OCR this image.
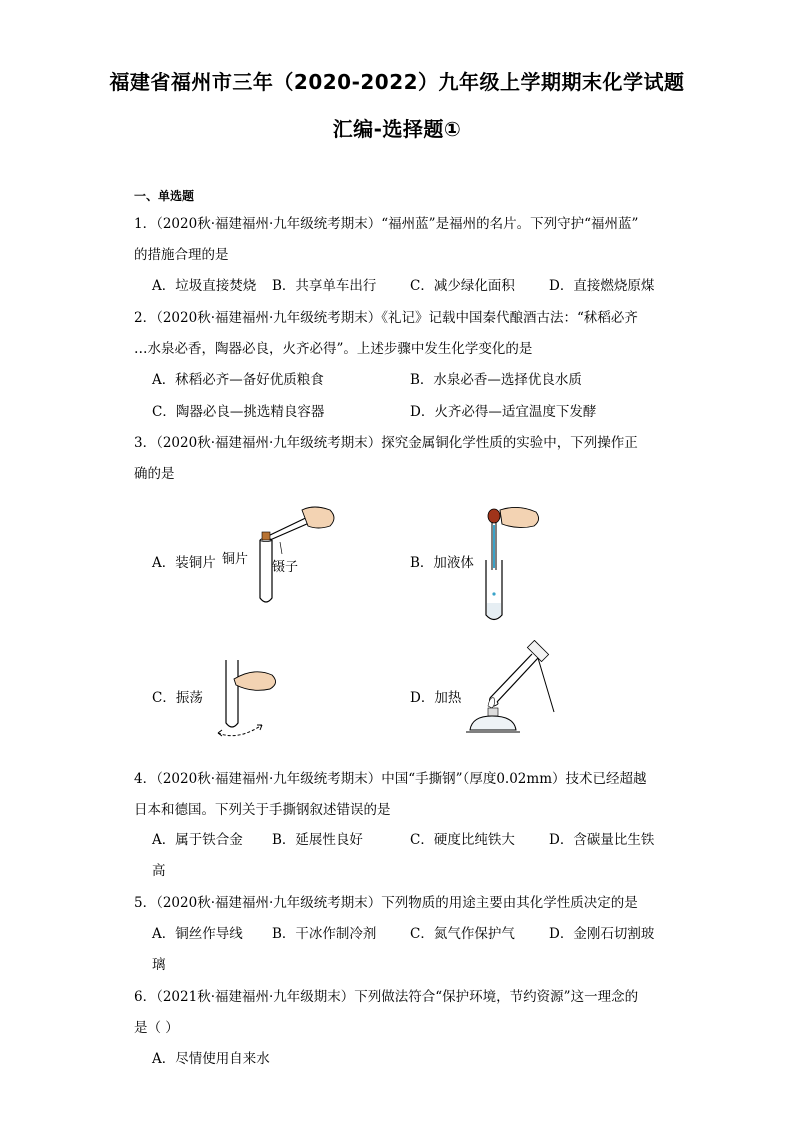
福建省福州市三年（2020-2022）九年级上学期期末化学试题
汇编-选择题①
一、单选题
1．（2020秋·福建福州·九年级统考期末）“福州蓝”是福州的名片。下列守护“福州蓝”
的措施合理的是
A．垃圾直接焚烧 B．共享单车出行 C．减少绿化面积	D．直接燃烧原煤
2．（2020秋·福建福州·九年级统考期末）《礼记》记载中国秦代酿酒古法：“秫稻必齐
…水泉必香，陶器必良，火齐必得”。上述步骤中发生化学变化的是
A．秫稻必齐—备好优质粮食	B．水泉必香—选择优良水质
C．陶器必良—挑选精良容器	D．火齐必得—适宜温度下发酵
3．（2020秋·福建福州·九年级统考期末）探究金属铜化学性质的实验中，下列操作正
确的是
A．装铜片	B．加液体
C．振荡	D．加热
铜片
镊子
4．（2020秋·福建福州·九年级统考期末）中国“手撕钢”（厚度0.02mm）技术已经超越
日本和德国。下列关于手撕钢叙述错误的是
A．属于铁合金 B．延展性良好	C．硬度比纯铁大	D．含碳量比生铁
高
5．（2020秋·福建福州·九年级统考期末）下列物质的用途主要由其化学性质决定的是
A．铜丝作导线 B．干冰作制冷剂 C．氮气作保护气	D．金刚石切割玻
璃
6．（2021秋·福建福州·九年级期末）下列做法符合“保护环境，节约资源”这一理念的
是（ ）
A．尽情使用自来水
